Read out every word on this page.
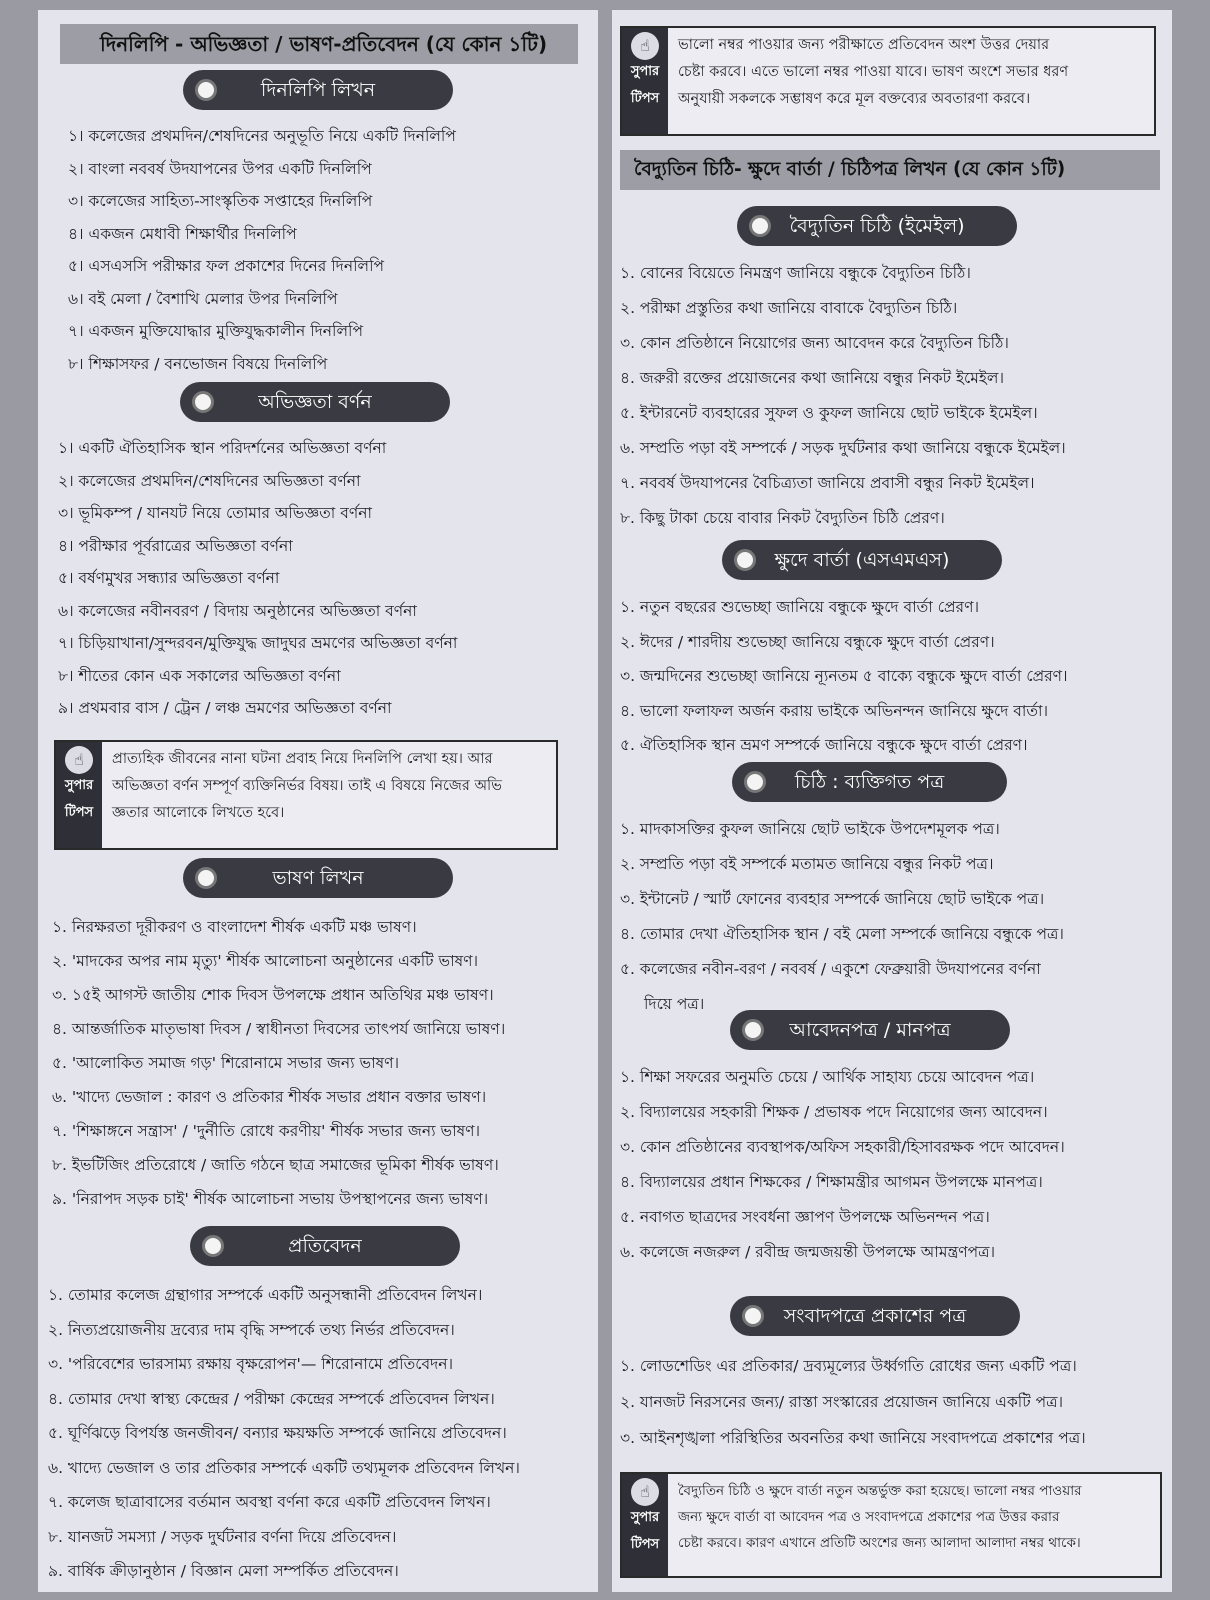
দিনলিপি - অভিজ্ঞতা / ভাষণ-প্রতিবেদন (যে কোন ১টি)
দিনলিপি লিখন
১। কলেজের প্রথমদিন/শেষদিনের অনুভূতি নিয়ে একটি দিনলিপি
২। বাংলা নববর্ষ উদযাপনের উপর একটি দিনলিপি
৩। কলেজের সাহিত্য-সাংস্কৃতিক সপ্তাহের দিনলিপি
৪। একজন মেধাবী শিক্ষার্থীর দিনলিপি
৫। এসএসসি পরীক্ষার ফল প্রকাশের দিনের দিনলিপি
৬। বই মেলা / বৈশাখি মেলার উপর দিনলিপি
৭। একজন মুক্তিযোদ্ধার মুক্তিযুদ্ধকালীন দিনলিপি
৮। শিক্ষাসফর / বনভোজন বিষয়ে দিনলিপি
অভিজ্ঞতা বর্ণন
১। একটি ঐতিহাসিক স্থান পরিদর্শনের অভিজ্ঞতা বর্ণনা
২। কলেজের প্রথমদিন/শেষদিনের অভিজ্ঞতা বর্ণনা
৩। ভূমিকম্প / যানযট নিয়ে তোমার অভিজ্ঞতা বর্ণনা
৪। পরীক্ষার পূর্বরাত্রের অভিজ্ঞতা বর্ণনা
৫। বর্ষণমুখর সন্ধ্যার অভিজ্ঞতা বর্ণনা
৬। কলেজের নবীনবরণ / বিদায় অনুষ্ঠানের অভিজ্ঞতা বর্ণনা
৭। চিড়িয়াখানা/সুন্দরবন/মুক্তিযুদ্ধ জাদুঘর ভ্রমণের অভিজ্ঞতা বর্ণনা
৮। শীতের কোন এক সকালের অভিজ্ঞতা বর্ণনা
৯। প্রথমবার বাস / ট্রেন / লঞ্চ ভ্রমণের অভিজ্ঞতা বর্ণনা
☝
সুপার
টিপস
প্রাত্যহিক জীবনের নানা ঘটনা প্রবাহ নিয়ে দিনলিপি লেখা হয়। আর
অভিজ্ঞতা বর্ণন সম্পূর্ণ ব্যক্তিনির্ভর বিষয়। তাই এ বিষয়ে নিজের অভি
জ্ঞতার আলোকে লিখতে হবে।
ভাষণ লিখন
১. নিরক্ষরতা দূরীকরণ ও বাংলাদেশ শীর্ষক একটি মঞ্চ ভাষণ।
২. 'মাদকের অপর নাম মৃত্যু' শীর্ষক আলোচনা অনুষ্ঠানের একটি ভাষণ।
৩. ১৫ই আগস্ট জাতীয় শোক দিবস উপলক্ষে প্রধান অতিথির মঞ্চ ভাষণ।
৪. আন্তর্জাতিক মাতৃভাষা দিবস / স্বাধীনতা দিবসের তাৎপর্য জানিয়ে ভাষণ।
৫. 'আলোকিত সমাজ গড়' শিরোনামে সভার জন্য ভাষণ।
৬. 'খাদ্যে ভেজাল : কারণ ও প্রতিকার শীর্ষক সভার প্রধান বক্তার ভাষণ।
৭. 'শিক্ষাঙ্গনে সন্ত্রাস' / 'দুর্নীতি রোধে করণীয়' শীর্ষক সভার জন্য ভাষণ।
৮. ইভটিজিং প্রতিরোধে / জাতি গঠনে ছাত্র সমাজের ভূমিকা শীর্ষক ভাষণ।
৯. 'নিরাপদ সড়ক চাই' শীর্ষক আলোচনা সভায় উপস্থাপনের জন্য ভাষণ।
প্রতিবেদন
১. তোমার কলেজ গ্রন্থাগার সম্পর্কে একটি অনুসন্ধানী প্রতিবেদন লিখন।
২. নিত্যপ্রয়োজনীয় দ্রব্যের দাম বৃদ্ধি সম্পর্কে তথ্য নির্ভর প্রতিবেদন।
৩. 'পরিবেশের ভারসাম্য রক্ষায় বৃক্ষরোপন'— শিরোনামে প্রতিবেদন।
৪. তোমার দেখা স্বাস্থ্য কেন্দ্রের / পরীক্ষা কেন্দ্রের সম্পর্কে প্রতিবেদন লিখন।
৫. ঘূর্ণিঝড়ে বিপর্যস্ত জনজীবন/ বন্যার ক্ষয়ক্ষতি সম্পর্কে জানিয়ে প্রতিবেদন।
৬. খাদ্যে ভেজাল ও তার প্রতিকার সম্পর্কে একটি তথ্যমূলক প্রতিবেদন লিখন।
৭. কলেজ ছাত্রাবাসের বর্তমান অবস্থা বর্ণনা করে একটি প্রতিবেদন লিখন।
৮. যানজট সমস্যা / সড়ক দুর্ঘটনার বর্ণনা দিয়ে প্রতিবেদন।
৯. বার্ষিক ক্রীড়ানুষ্ঠান / বিজ্ঞান মেলা সম্পর্কিত প্রতিবেদন।
☝
সুপার
টিপস
ভালো নম্বর পাওয়ার জন্য পরীক্ষাতে প্রতিবেদন অংশ উত্তর দেয়ার
চেষ্টা করবে। এতে ভালো নম্বর পাওয়া যাবে। ভাষণ অংশে সভার ধরণ
অনুযায়ী সকলকে সম্ভাষণ করে মূল বক্তব্যের অবতারণা করবে।
বৈদ্যুতিন চিঠি- ক্ষুদে বার্তা / চিঠিপত্র লিখন (যে কোন ১টি)
বৈদ্যুতিন চিঠি (ইমেইল)
১. বোনের বিয়েতে নিমন্ত্রণ জানিয়ে বন্ধুকে বৈদ্যুতিন চিঠি।
২. পরীক্ষা প্রস্তুতির কথা জানিয়ে বাবাকে বৈদ্যুতিন চিঠি।
৩. কোন প্রতিষ্ঠানে নিয়োগের জন্য আবেদন করে বৈদ্যুতিন চিঠি।
৪. জরুরী রক্তের প্রয়োজনের কথা জানিয়ে বন্ধুর নিকট ইমেইল।
৫. ইন্টারনেট ব্যবহারের সুফল ও কুফল জানিয়ে ছোট ভাইকে ইমেইল।
৬. সম্প্রতি পড়া বই সম্পর্কে / সড়ক দুর্ঘটনার কথা জানিয়ে বন্ধুকে ইমেইল।
৭. নববর্ষ উদযাপনের বৈচিত্র্যতা জানিয়ে প্রবাসী বন্ধুর নিকট ইমেইল।
৮. কিছু টাকা চেয়ে বাবার নিকট বৈদ্যুতিন চিঠি প্রেরণ।
ক্ষুদে বার্তা (এসএমএস)
১. নতুন বছরের শুভেচ্ছা জানিয়ে বন্ধুকে ক্ষুদে বার্তা প্রেরণ।
২. ঈদের / শারদীয় শুভেচ্ছা জানিয়ে বন্ধুকে ক্ষুদে বার্তা প্রেরণ।
৩. জন্মদিনের শুভেচ্ছা জানিয়ে ন্যূনতম ৫ বাক্যে বন্ধুকে ক্ষুদে বার্তা প্রেরণ।
৪. ভালো ফলাফল অর্জন করায় ভাইকে অভিনন্দন জানিয়ে ক্ষুদে বার্তা।
৫. ঐতিহাসিক স্থান ভ্রমণ সম্পর্কে জানিয়ে বন্ধুকে ক্ষুদে বার্তা প্রেরণ।
চিঠি : ব্যক্তিগত পত্র
১. মাদকাসক্তির কুফল জানিয়ে ছোট ভাইকে উপদেশমূলক পত্র।
২. সম্প্রতি পড়া বই সম্পর্কে মতামত জানিয়ে বন্ধুর নিকট পত্র।
৩. ইন্টানেট / স্মার্ট ফোনের ব্যবহার সম্পর্কে জানিয়ে ছোট ভাইকে পত্র।
৪. তোমার দেখা ঐতিহাসিক স্থান / বই মেলা সম্পর্কে জানিয়ে বন্ধুকে পত্র।
৫. কলেজের নবীন-বরণ / নববর্ষ / একুশে ফেব্রুয়ারী উদযাপনের বর্ণনা
দিয়ে পত্র।
আবেদনপত্র / মানপত্র
১. শিক্ষা সফরের অনুমতি চেয়ে / আর্থিক সাহায্য চেয়ে আবেদন পত্র।
২. বিদ্যালয়ের সহকারী শিক্ষক / প্রভাষক পদে নিয়োগের জন্য আবেদন।
৩. কোন প্রতিষ্ঠানের ব্যবস্থাপক/অফিস সহকারী/হিসাবরক্ষক পদে আবেদন।
৪. বিদ্যালয়ের প্রধান শিক্ষকের / শিক্ষামন্ত্রীর আগমন উপলক্ষে মানপত্র।
৫. নবাগত ছাত্রদের সংবর্ধনা জ্ঞাপণ উপলক্ষে অভিনন্দন পত্র।
৬. কলেজে নজরুল / রবীন্দ্র জন্মজয়ন্তী উপলক্ষে আমন্ত্রণপত্র।
সংবাদপত্রে প্রকাশের পত্র
১. লোডশেডিং এর প্রতিকার/ দ্রব্যমূল্যের উর্ধ্বগতি রোধের জন্য একটি পত্র।
২. যানজট নিরসনের জন্য/ রাস্তা সংস্কারের প্রয়োজন জানিয়ে একটি পত্র।
৩. আইনশৃঙ্খলা পরিস্থিতির অবনতির কথা জানিয়ে সংবাদপত্রে প্রকাশের পত্র।
☝
সুপার
টিপস
বৈদ্যুতিন চিঠি ও ক্ষুদে বার্তা নতুন অন্তর্ভুক্ত করা হয়েছে। ভালো নম্বর পাওয়ার
জন্য ক্ষুদে বার্তা বা আবেদন পত্র ও সংবাদপত্রে প্রকাশের পত্র উত্তর করার
চেষ্টা করবে। কারণ এখানে প্রতিটি অংশের জন্য আলাদা আলাদা নম্বর থাকে।
